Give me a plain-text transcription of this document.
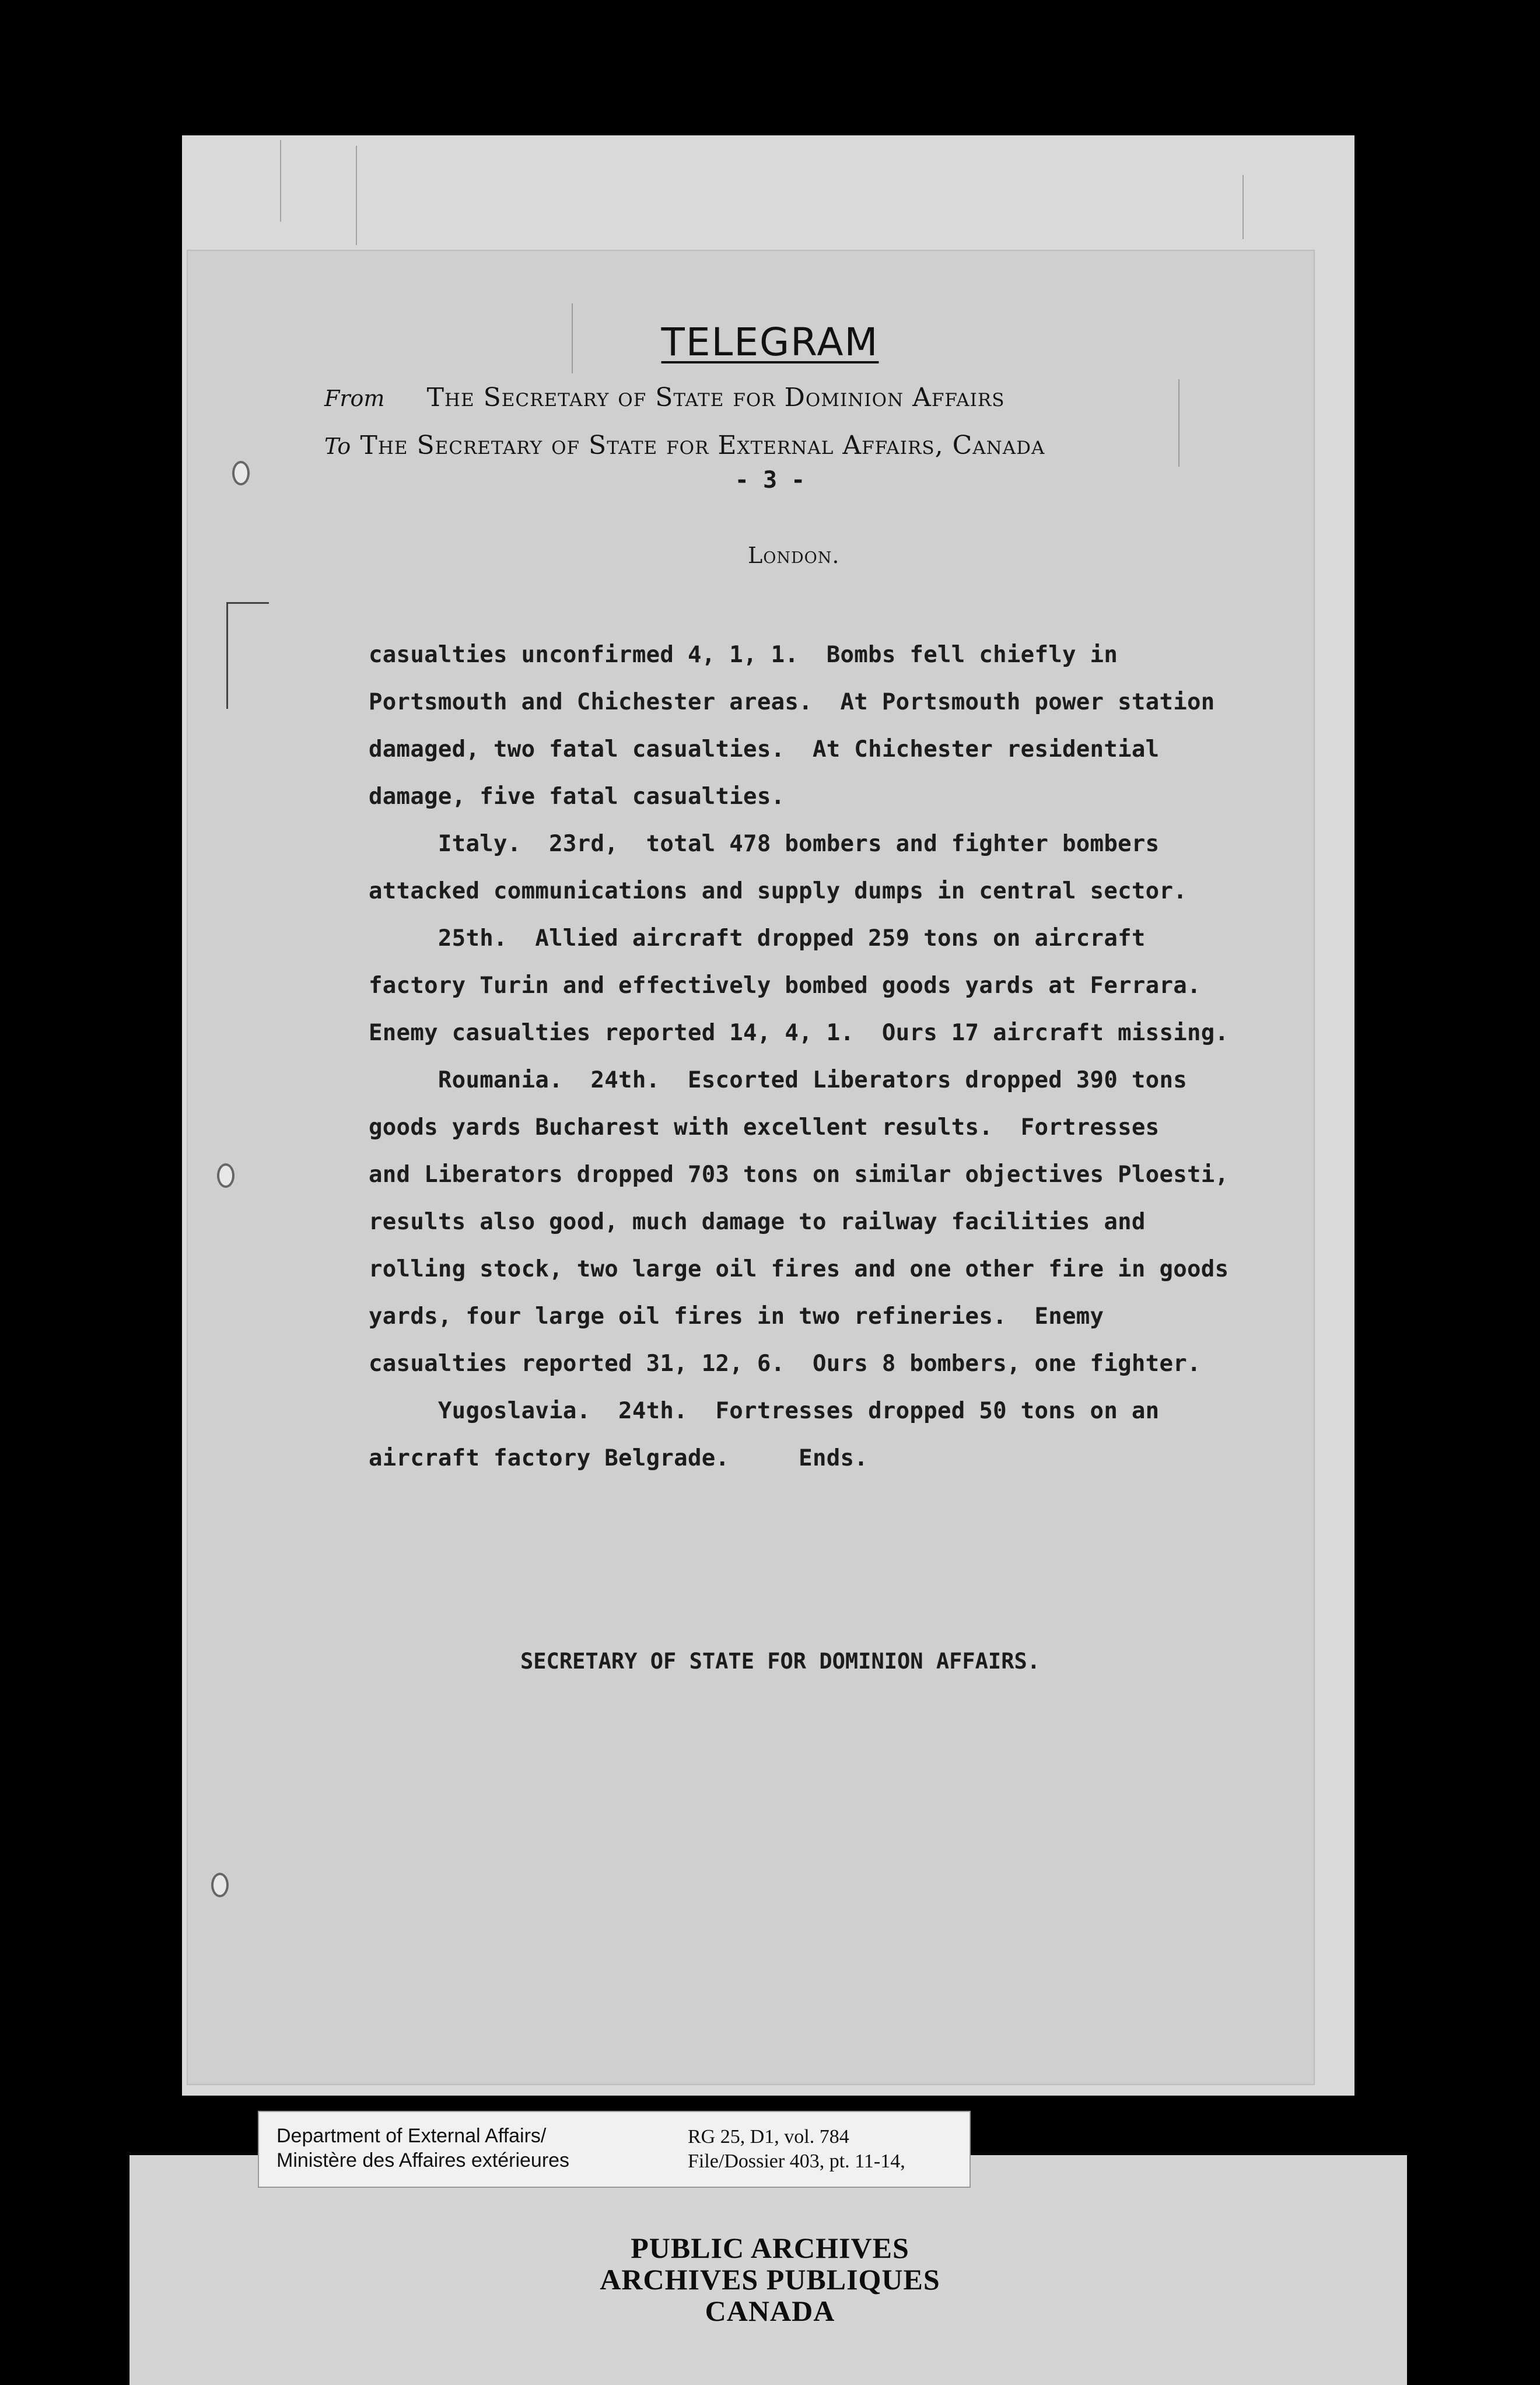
TELEGRAM
From The Secretary of State for Dominion Affairs
To The Secretary of State for External Affairs, Canada
- 3 -
London.
casualties unconfirmed 4, 1, 1.  Bombs fell chiefly in
Portsmouth and Chichester areas.  At Portsmouth power station
damaged, two fatal casualties.  At Chichester residential
damage, five fatal casualties.
Italy.  23rd,  total 478 bombers and fighter bombers
attacked communications and supply dumps in central sector.
25th.  Allied aircraft dropped 259 tons on aircraft
factory Turin and effectively bombed goods yards at Ferrara.
Enemy casualties reported 14, 4, 1.  Ours 17 aircraft missing.
Roumania.  24th.  Escorted Liberators dropped 390 tons
goods yards Bucharest with excellent results.  Fortresses
and Liberators dropped 703 tons on similar objectives Ploesti,
results also good, much damage to railway facilities and
rolling stock, two large oil fires and one other fire in goods
yards, four large oil fires in two refineries.  Enemy
casualties reported 31, 12, 6.  Ours 8 bombers, one fighter.
Yugoslavia.  24th.  Fortresses dropped 50 tons on an
aircraft factory Belgrade.     Ends.
SECRETARY OF STATE FOR DOMINION AFFAIRS.
Department of External Affairs/
Ministère des Affaires extérieures
RG 25, D1, vol. 784
File/Dossier 403, pt. 11-14,
PUBLIC ARCHIVES
ARCHIVES PUBLIQUES
CANADA
